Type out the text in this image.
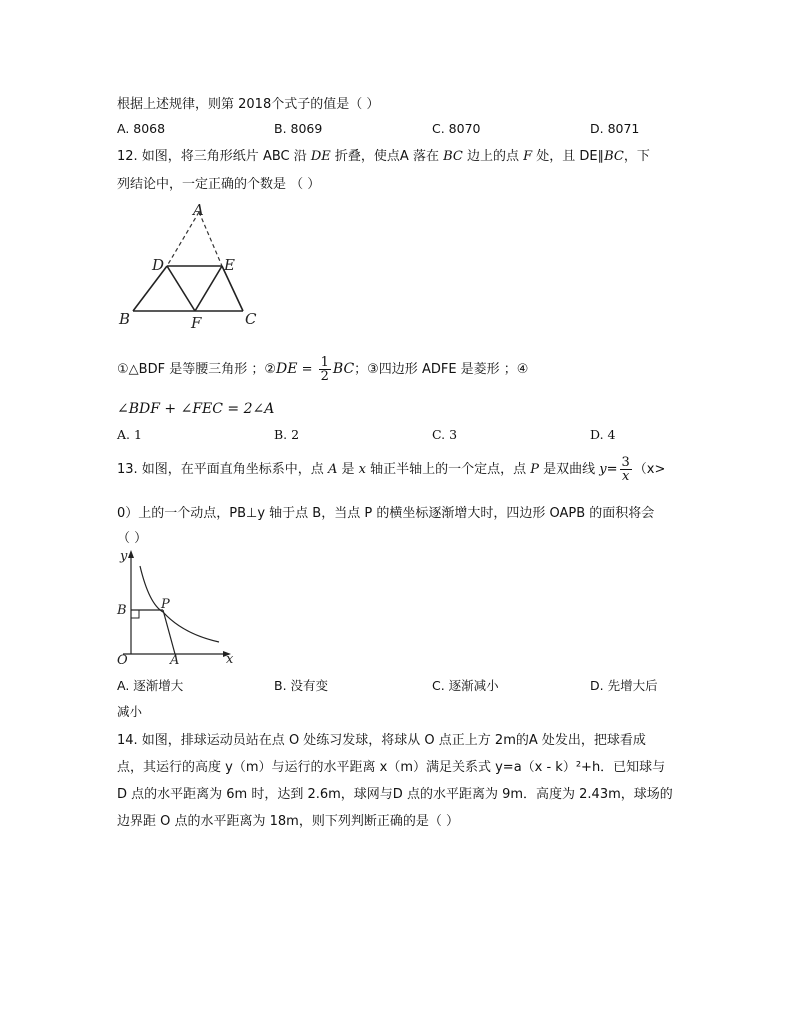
根据上述规律，则第 2018个式子的值是（ ）
A. 8068	B. 8069	C. 8070	D. 8071
12. 如图，将三角形纸片 ABC 沿 DE 折叠，使点A 落在 BC 边上的点 F 处，且 DE∥BC，下
列结论中，一定正确的个数是 （ ）
A
D	E
B	F	C
①△BDF 是等腰三角形 ；②DE = $\frac{1}{2}$ BC；③四边形 ADFE 是菱形 ；④
∠BDF + ∠FEC = 2∠A
A. 1	B. 2	C. 3	D. 4
13. 如图，在平面直角坐标系中，点 A 是 x 轴正半轴上的一个定点，点 P 是双曲线 $y= \frac{3}{x} (x>$
0）上的一个动点，PB⊥y 轴于点 B，当点 P 的横坐标逐渐增大时，四边形 OAPB 的面积将会
（ ）
y
x
O	A
B	P
A. 逐渐增大	B. 没有变	C. 逐渐减小	D. 先增大后
减小
14. 如图，排球运动员站在点 O 处练习发球，将球从 O 点正上方 2m的A 处发出，把球看成
点，其运行的高度 y（m）与运行的水平距离 x（m）满足关系式 y=a（x - k）²+h．已知球与
D 点的水平距离为 6m 时，达到 2.6m，球网与D 点的水平距离为 9m．高度为 2.43m，球场的
边界距 O 点的水平距离为 18m，则下列判断正确的是（ ）
